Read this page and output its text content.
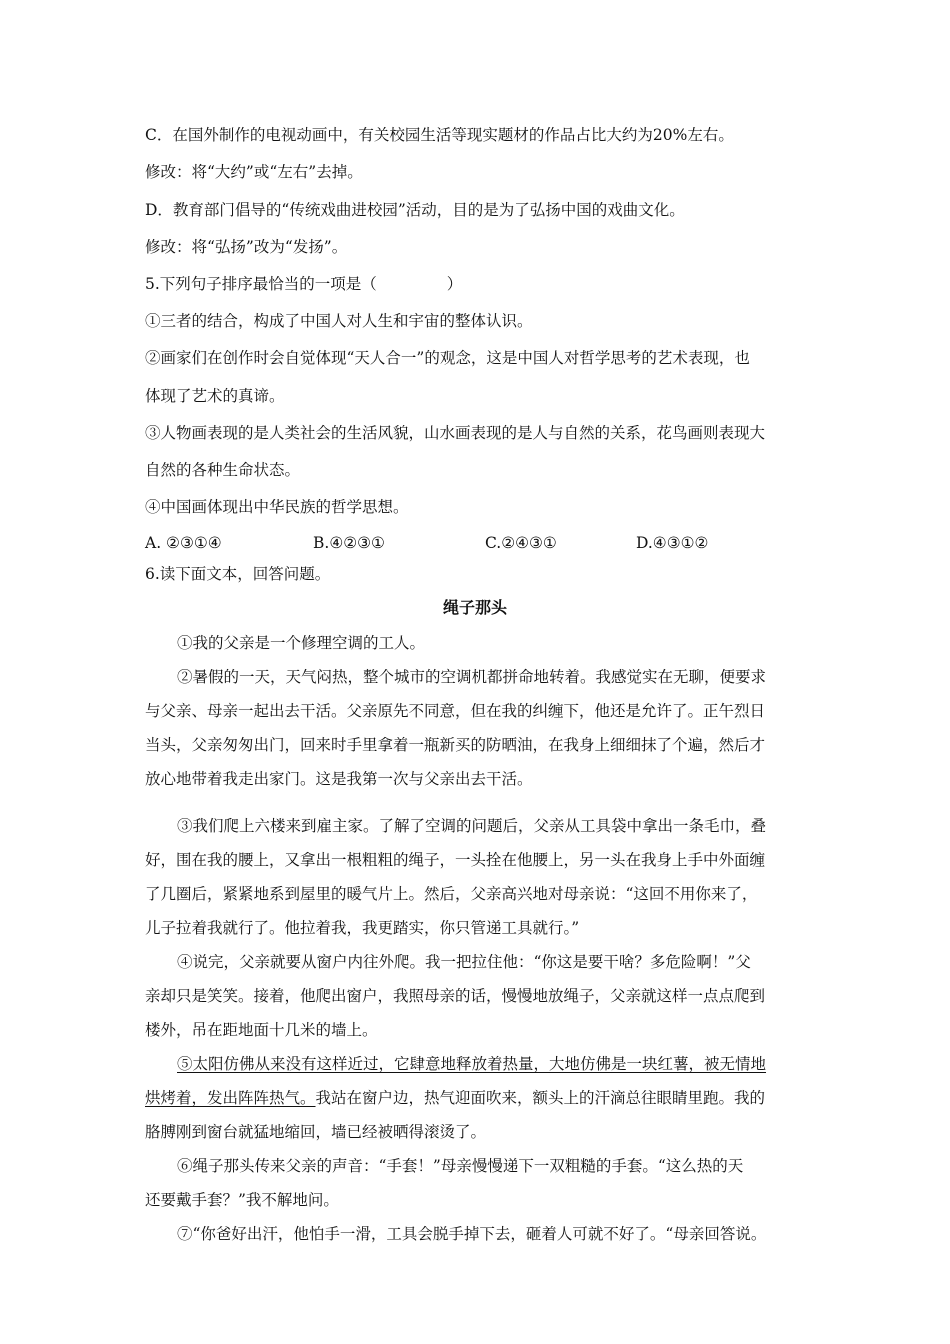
C．在国外制作的电视动画中，有关校园生活等现实题材的作品占比大约为20%左右。
修改：将“大约”或“左右”去掉。
D．教育部门倡导的“传统戏曲进校园”活动，目的是为了弘扬中国的戏曲文化。
修改：将“弘扬”改为“发扬”。
5.下列句子排序最恰当的一项是（	）
①三者的结合，构成了中国人对人生和宇宙的整体认识。
②画家们在创作时会自觉体现“天人合一”的观念，这是中国人对哲学思考的艺术表现，也
体现了艺术的真谛。
③人物画表现的是人类社会的生活风貌，山水画表现的是人与自然的关系，花鸟画则表现大
自然的各种生命状态。
④中国画体现出中华民族的哲学思想。
A. ②③①④	B.④②③①	C.②④③①	D.④③①②
6.读下面文本，回答问题。
绳子那头
①我的父亲是一个修理空调的工人。
②暑假的一天，天气闷热，整个城市的空调机都拼命地转着。我感觉实在无聊，便要求
与父亲、母亲一起出去干活。父亲原先不同意，但在我的纠缠下，他还是允许了。正午烈日
当头，父亲匆匆出门，回来时手里拿着一瓶新买的防晒油，在我身上细细抹了个遍，然后才
放心地带着我走出家门。这是我第一次与父亲出去干活。
③我们爬上六楼来到雇主家。了解了空调的问题后，父亲从工具袋中拿出一条毛巾，叠
好，围在我的腰上，又拿出一根粗粗的绳子，一头拴在他腰上，另一头在我身上手中外面缠
了几圈后，紧紧地系到屋里的暖气片上。然后，父亲高兴地对母亲说：“这回不用你来了，
儿子拉着我就行了。他拉着我，我更踏实，你只管递工具就行。”
④说完，父亲就要从窗户内往外爬。我一把拉住他：“你这是要干啥？多危险啊！”父
亲却只是笑笑。接着，他爬出窗户，我照母亲的话，慢慢地放绳子，父亲就这样一点点爬到
楼外，吊在距地面十几米的墙上。
⑤太阳仿佛从来没有这样近过，它肆意地释放着热量，大地仿佛是一块红薯，被无情地
烘烤着，发出阵阵热气。我站在窗户边，热气迎面吹来，额头上的汗滴总往眼睛里跑。我的
胳膊刚到窗台就猛地缩回，墙已经被晒得滚烫了。
⑥绳子那头传来父亲的声音：“手套！”母亲慢慢递下一双粗糙的手套。“这么热的天
还要戴手套？”我不解地问。
⑦“你爸好出汗，他怕手一滑，工具会脱手掉下去，砸着人可就不好了。“母亲回答说。
